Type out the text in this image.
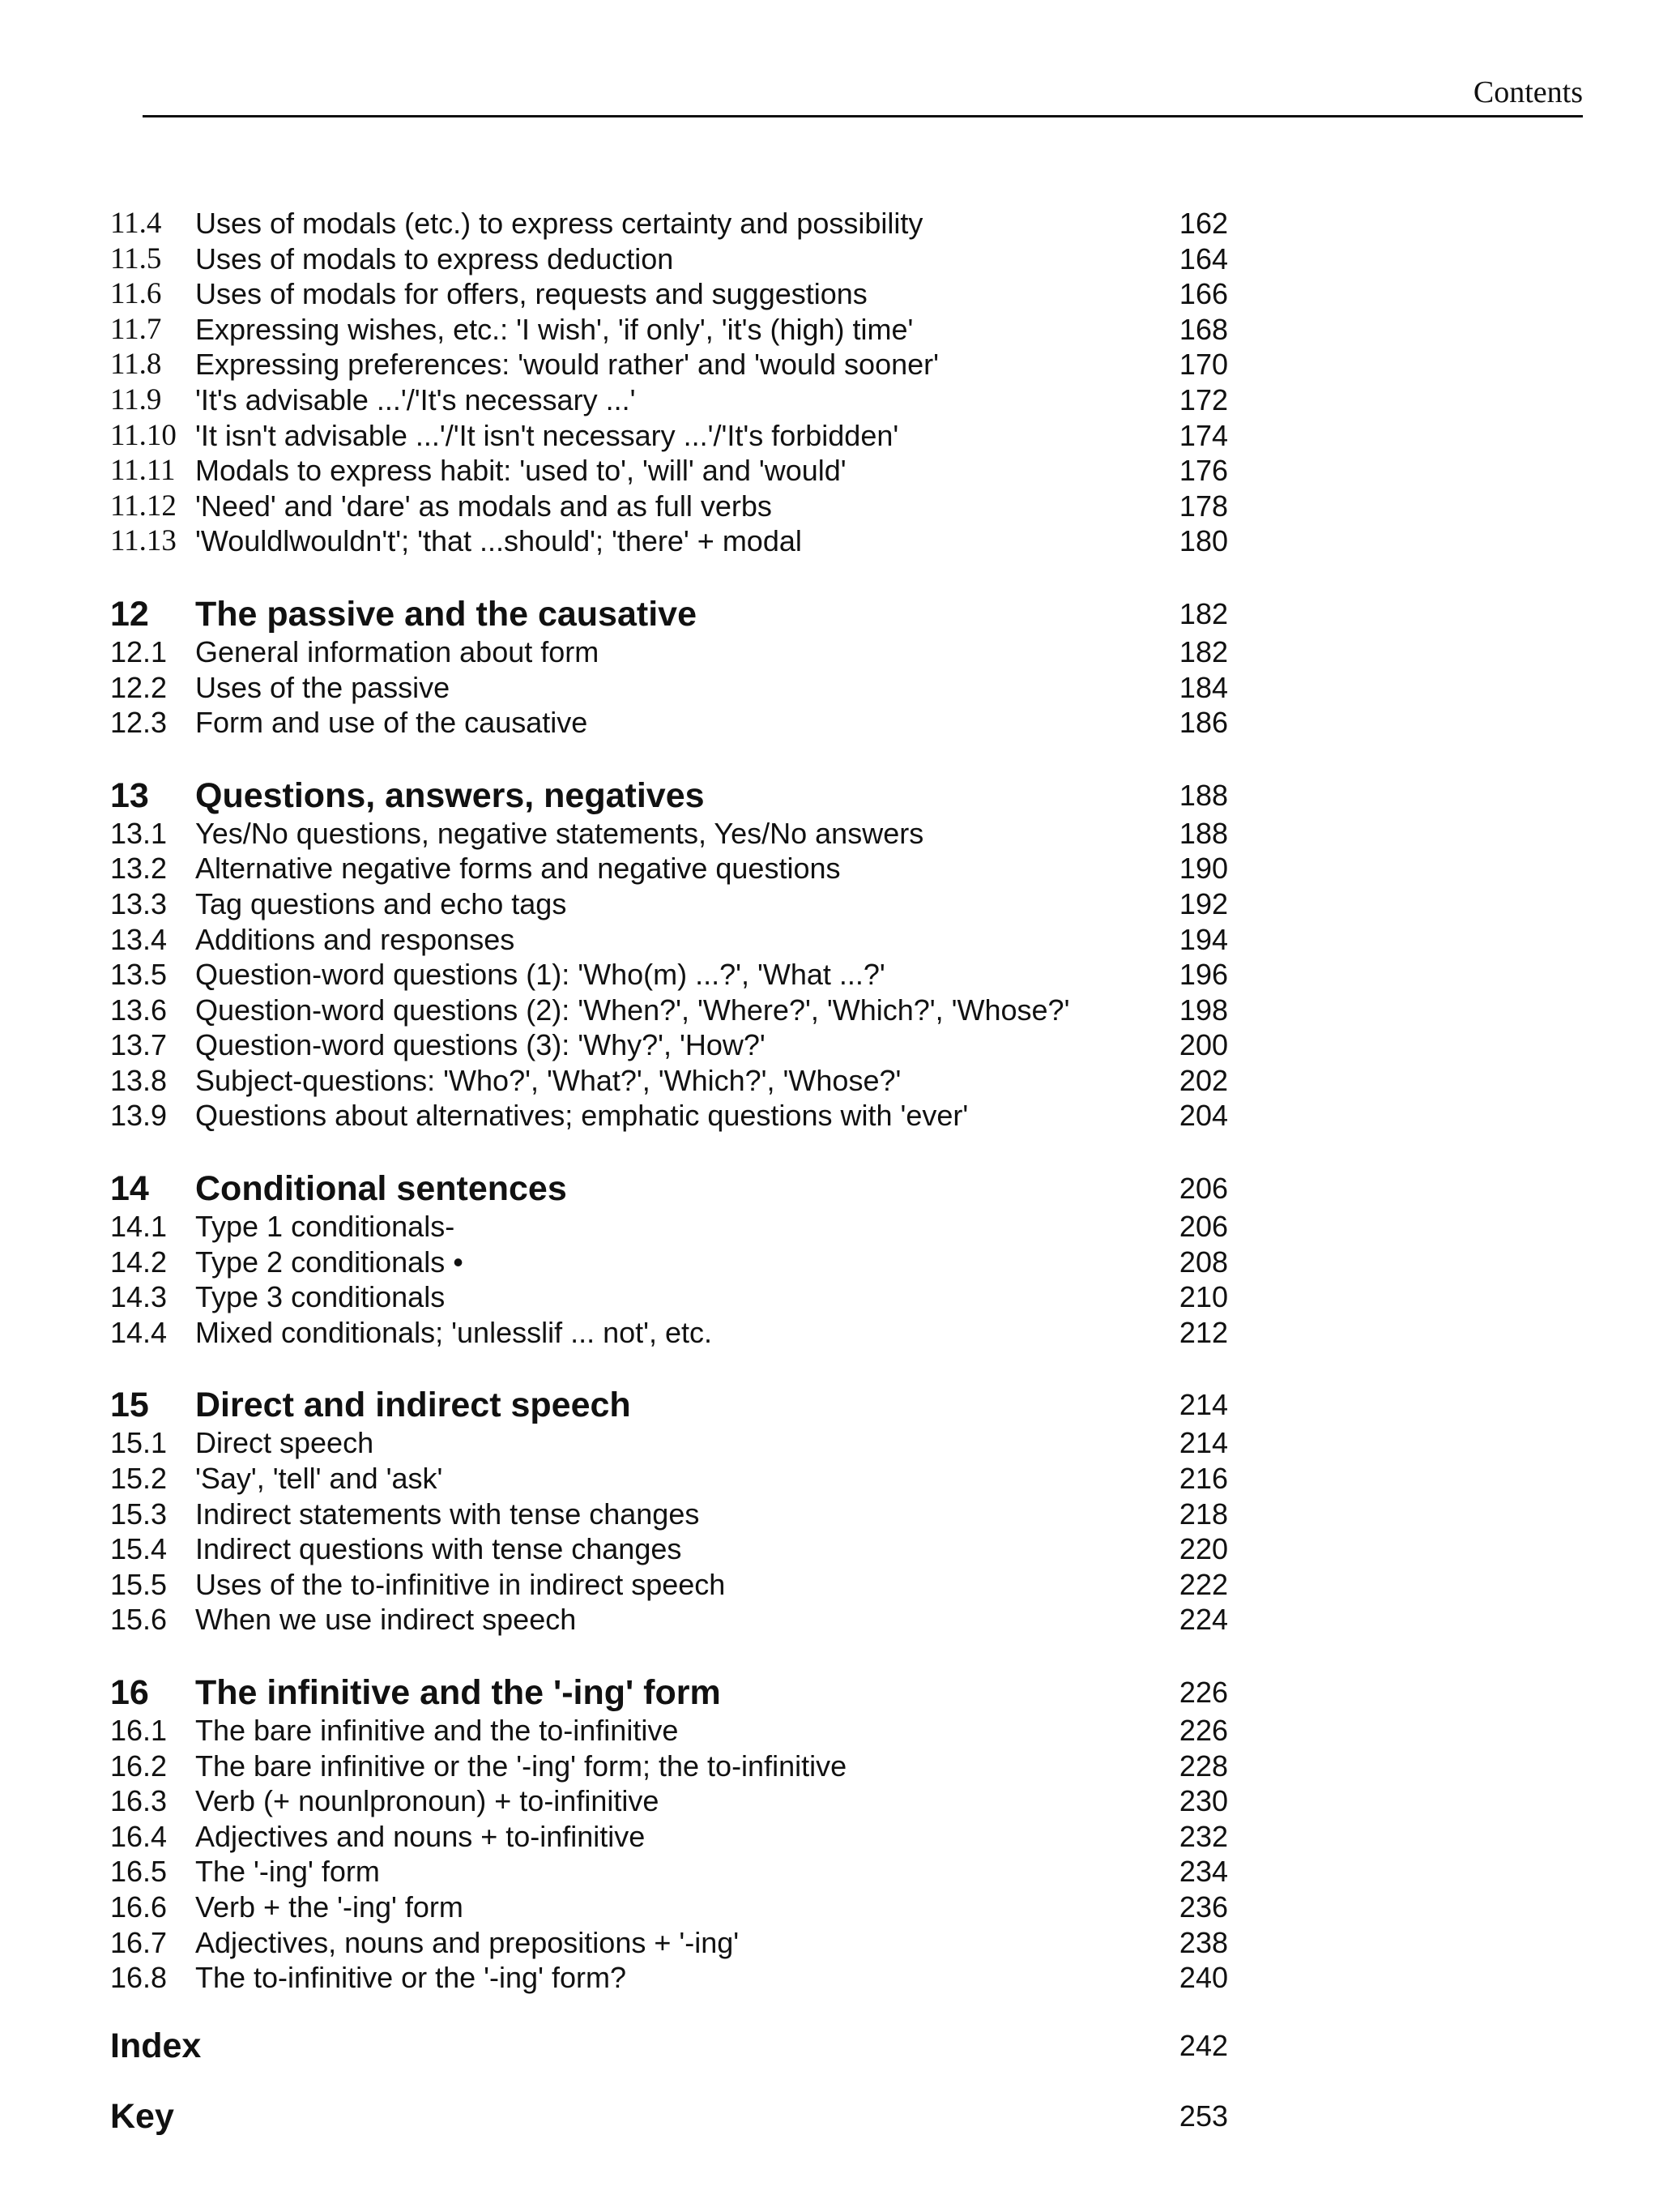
Contents
11.4 Uses of modals (etc.) to express certainty and possibility	162
11.5 Uses of modals to express deduction	164
11.6 Uses of modals for offers, requests and suggestions	166
11.7 Expressing wishes, etc.: 'I wish', 'if only', 'it's (high) time'	168
11.8 Expressing preferences: 'would rather' and 'would sooner'	170
11.9 'It's advisable ...'/'It's necessary ...'	172
11.10 'It isn't advisable ...'/'It isn't necessary ...'/'It's forbidden'	174
11.11 Modals to express habit: 'used to', 'will' and 'would'	176
11.12 'Need' and 'dare' as modals and as full verbs	178
11.13 'Wouldlwouldn't'; 'that ...should'; 'there' + modal	180
12 The passive and the causative	182
12.1 General information about form	182
12.2 Uses of the passive	184
12.3 Form and use of the causative	186
13 Questions, answers, negatives	188
13.1 Yes/No questions, negative statements, Yes/No answers	188
13.2 Alternative negative forms and negative questions	190
13.3 Tag questions and echo tags	192
13.4 Additions and responses	194
13.5 Question-word questions (1): 'Who(m) ...?', 'What ...?'	196
13.6 Question-word questions (2): 'When?', 'Where?', 'Which?', 'Whose?'	198
13.7 Question-word questions (3): 'Why?', 'How?'	200
13.8 Subject-questions: 'Who?', 'What?', 'Which?', 'Whose?'	202
13.9 Questions about alternatives; emphatic questions with 'ever'	204
14 Conditional sentences	206
14.1 Type 1 conditionals-	206
14.2 Type 2 conditionals •	208
14.3 Type 3 conditionals	210
14.4 Mixed conditionals; 'unlesslif ... not', etc.	212
15 Direct and indirect speech	214
15.1 Direct speech	214
15.2 'Say', 'tell' and 'ask'	216
15.3 Indirect statements with tense changes	218
15.4 Indirect questions with tense changes	220
15.5 Uses of the to-infinitive in indirect speech	222
15.6 When we use indirect speech	224
16 The infinitive and the '-ing' form	226
16.1 The bare infinitive and the to-infinitive	226
16.2 The bare infinitive or the '-ing' form; the to-infinitive	228
16.3 Verb (+ nounlpronoun) + to-infinitive	230
16.4 Adjectives and nouns + to-infinitive	232
16.5 The '-ing' form	234
16.6 Verb + the '-ing' form	236
16.7 Adjectives, nouns and prepositions + '-ing'	238
16.8 The to-infinitive or the '-ing' form?	240
Index	242
Key	253
